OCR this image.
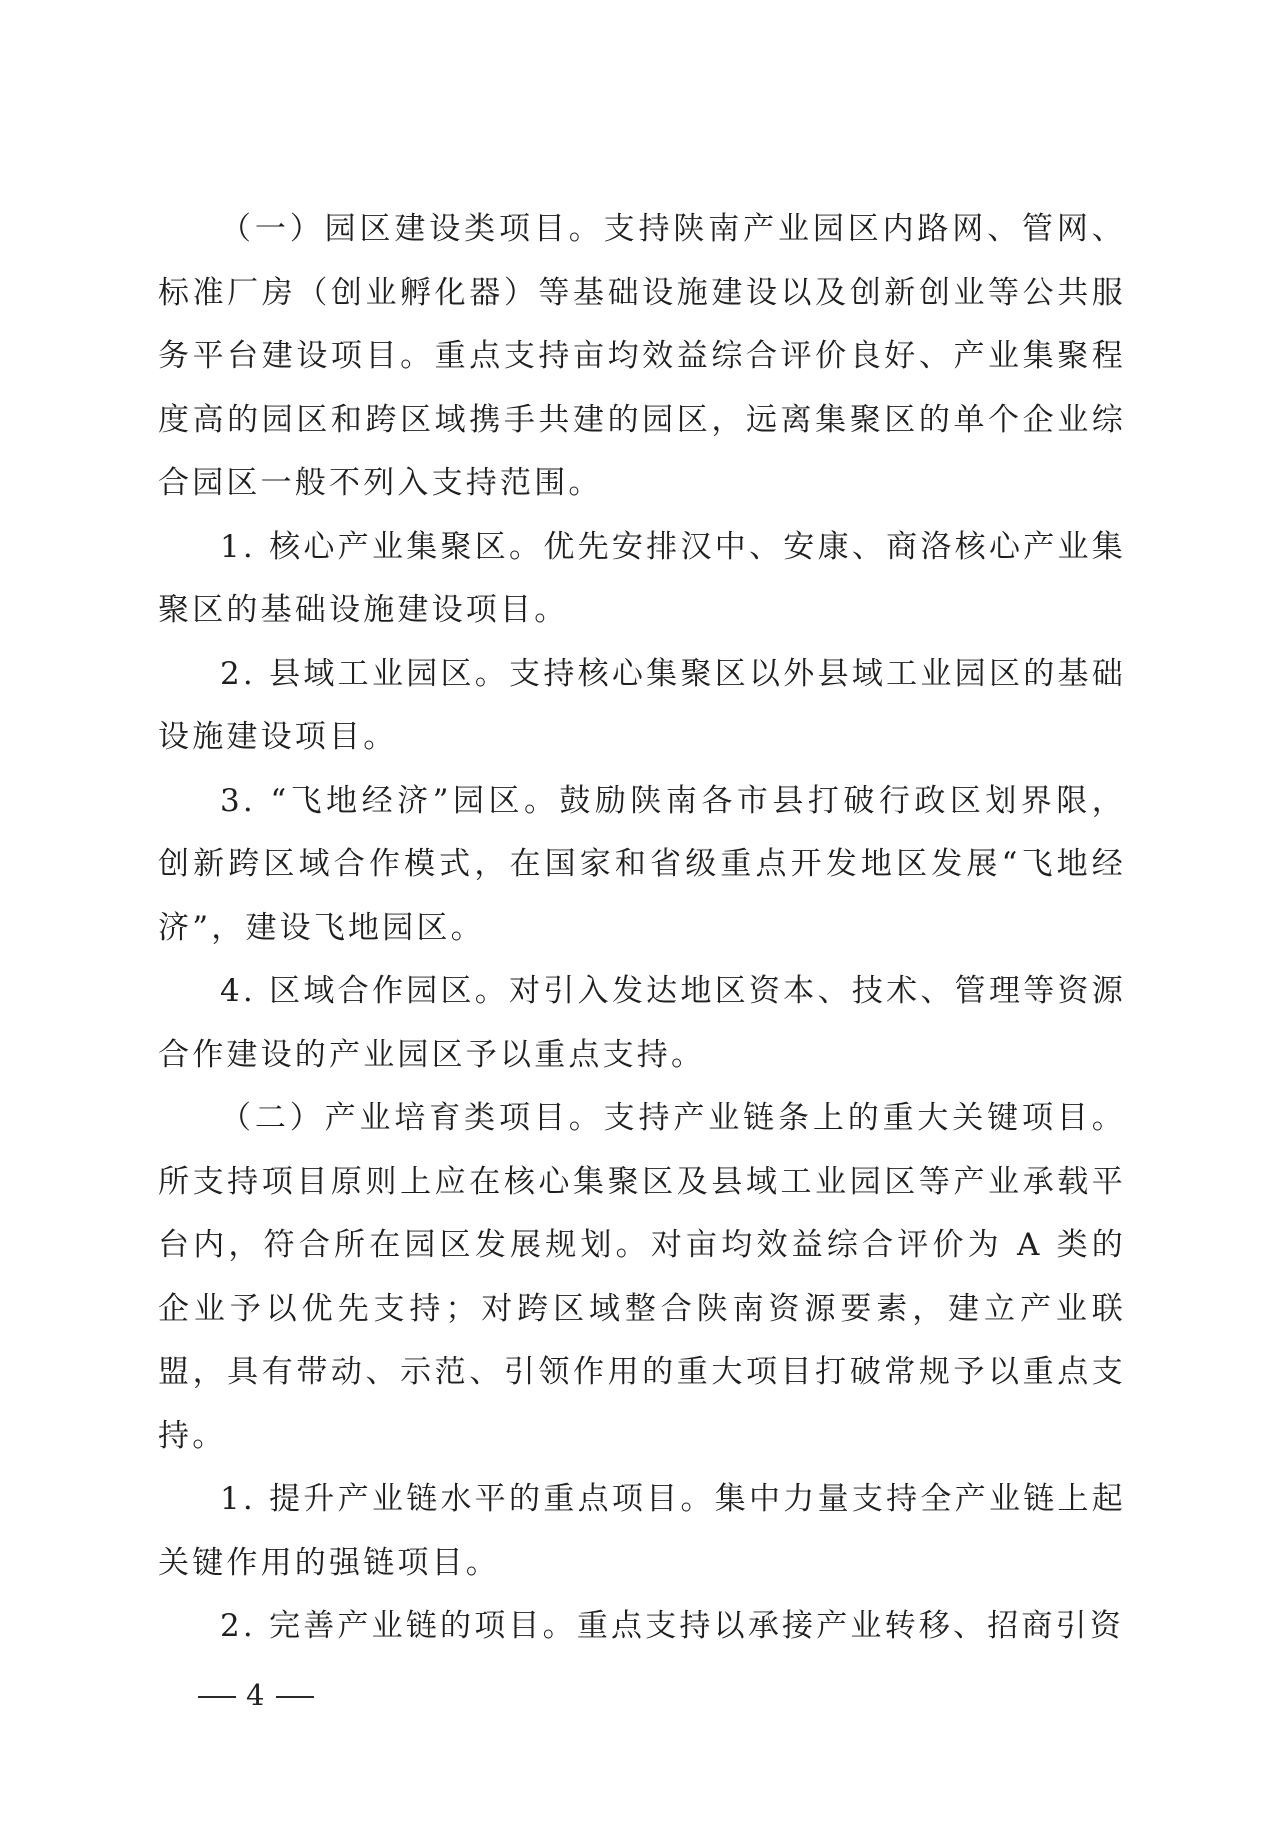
（一）园区建设类项目。支持陕南产业园区内路网、管网、标准厂房（创业孵化器）等基础设施建设以及创新创业等公共服务平台建设项目。重点支持亩均效益综合评价良好、产业集聚程度高的园区和跨区域携手共建的园区，远离集聚区的单个企业综合园区一般不列入支持范围。

1. 核心产业集聚区。优先安排汉中、安康、商洛核心产业集聚区的基础设施建设项目。

2. 县域工业园区。支持核心集聚区以外县域工业园区的基础设施建设项目。

3. “飞地经济”园区。鼓励陕南各市县打破行政区划界限，创新跨区域合作模式，在国家和省级重点开发地区发展“飞地经济”，建设飞地园区。

4. 区域合作园区。对引入发达地区资本、技术、管理等资源合作建设的产业园区予以重点支持。

（二）产业培育类项目。支持产业链条上的重大关键项目。所支持项目原则上应在核心集聚区及县域工业园区等产业承载平台内，符合所在园区发展规划。对亩均效益综合评价为 A 类的企业予以优先支持；对跨区域整合陕南资源要素，建立产业联盟，具有带动、示范、引领作用的重大项目打破常规予以重点支持。

1. 提升产业链水平的重点项目。集中力量支持全产业链上起关键作用的强链项目。

2. 完善产业链的项目。重点支持以承接产业转移、招商引资

4
